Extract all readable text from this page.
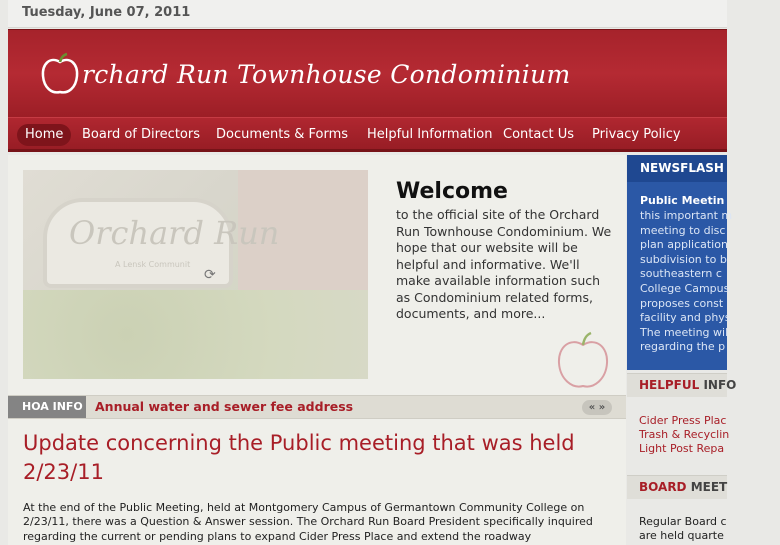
Tuesday, June 07, 2011
rchard Run Townhouse Condominium
Home	Board of Directors	Documents & Forms	Helpful Information Contact Us	Privacy Policy
Orchard Run
A Lensk Communit
⟳
Welcome
to the official site of the Orchard Run Townhouse Condominium. We hope that our website will be helpful and informative. We'll make available information such as Condominium related forms, documents, and more...
HOA INFO Annual water and sewer fee address	« »
Update concerning the Public meeting that was held 2/23/11
At the end of the Public Meeting, held at Montgomery Campus of Germantown Community College on 2/23/11, there was a Question & Answer session. The Orchard Run Board President specifically inquired regarding the current or pending plans to expand Cider Press Place and extend the roadway
NEWSFLASH
Public Meetin
this important m
meeting to disc
plan application
subdivision to b
southeastern c
College Campus
proposes const
facility and phys
The meeting wil
regarding the p
HELPFUL INFO
Cider Press Plac
Trash & Recyclin
Light Post Repa
BOARD MEET
Regular Board c
are held quarte
